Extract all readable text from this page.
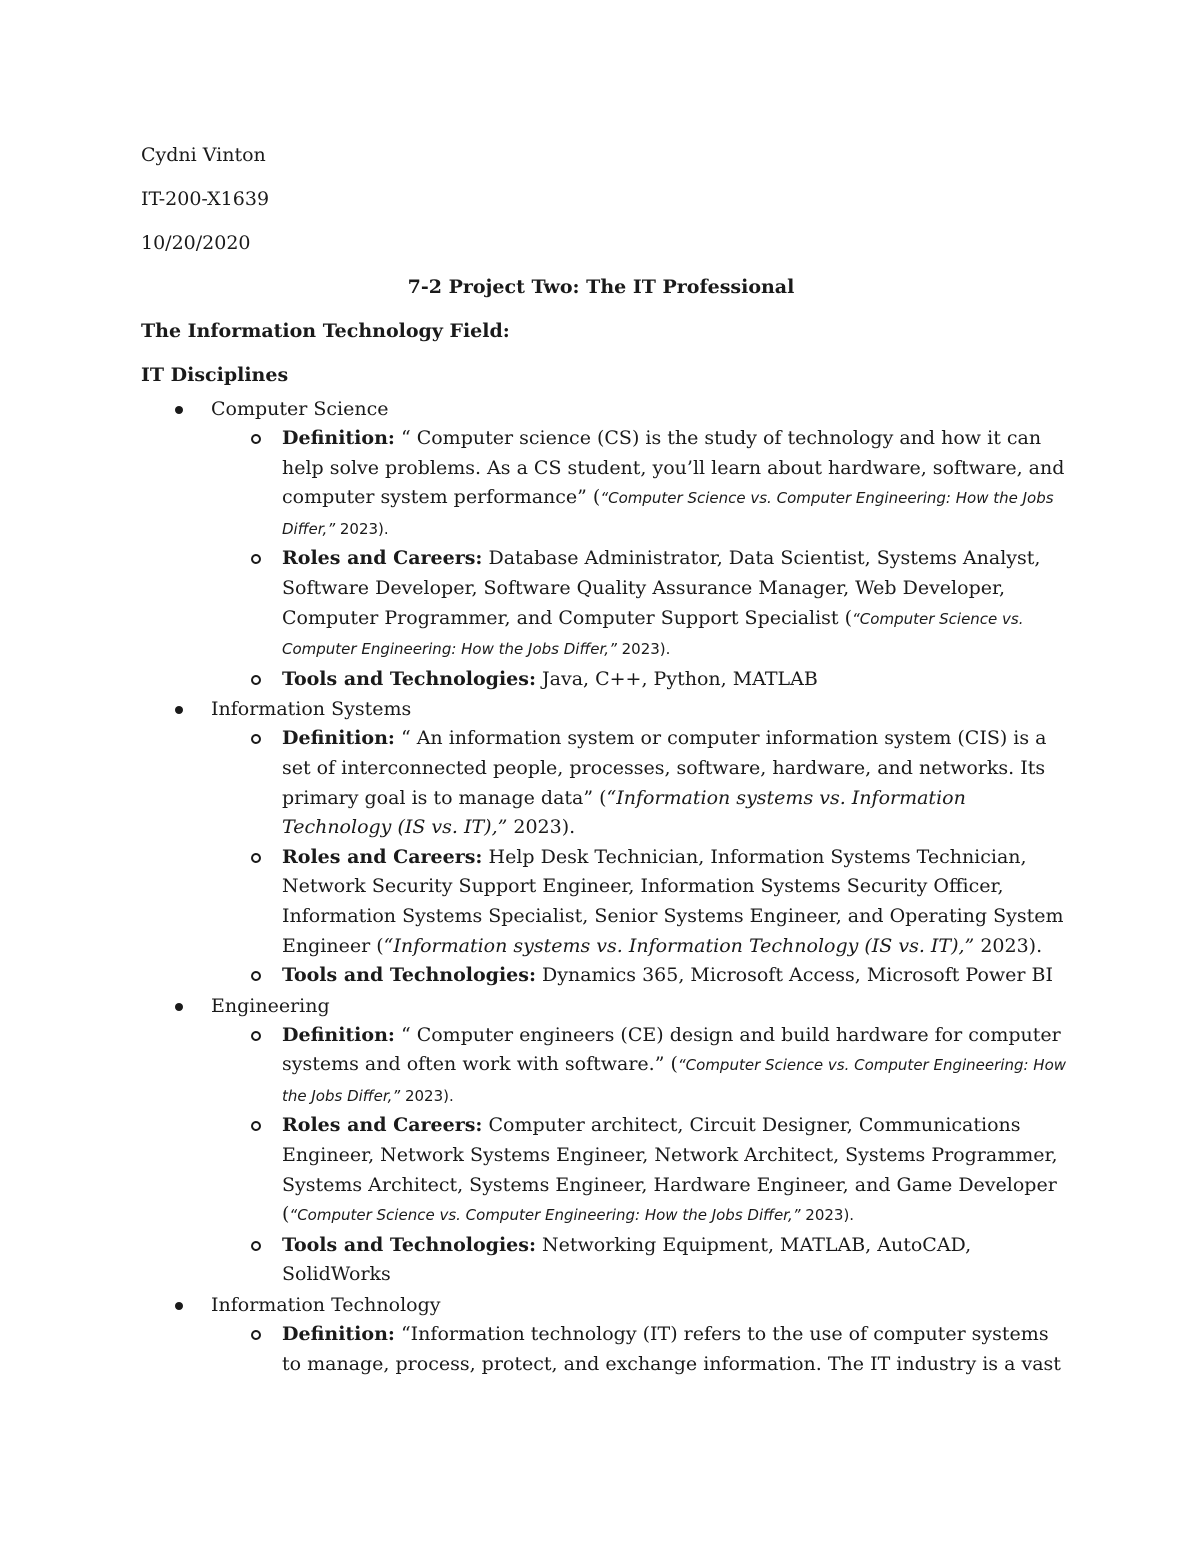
Cydni Vinton

IT-200-X1639

10/20/2020

7-2 Project Two: The IT Professional

The Information Technology Field:

IT Disciplines

Computer Science
Definition: “ Computer science (CS) is the study of technology and how it can help solve problems. As a CS student, you’ll learn about hardware, software, and computer system performance” (“Computer Science vs. Computer Engineering: How the Jobs Differ,” 2023).
Roles and Careers: Database Administrator, Data Scientist, Systems Analyst, Software Developer, Software Quality Assurance Manager, Web Developer, Computer Programmer, and Computer Support Specialist (“Computer Science vs. Computer Engineering: How the Jobs Differ,” 2023).
Tools and Technologies: Java, C++, Python, MATLAB
Information Systems
Definition: “ An information system or computer information system (CIS) is a set of interconnected people, processes, software, hardware, and networks. Its primary goal is to manage data” (“Information systems vs. Information Technology (IS vs. IT),” 2023).
Roles and Careers: Help Desk Technician, Information Systems Technician, Network Security Support Engineer, Information Systems Security Officer, Information Systems Specialist, Senior Systems Engineer, and Operating System Engineer (“Information systems vs. Information Technology (IS vs. IT),” 2023).
Tools and Technologies: Dynamics 365, Microsoft Access, Microsoft Power BI
Engineering
Definition: “ Computer engineers (CE) design and build hardware for computer systems and often work with software.” (“Computer Science vs. Computer Engineering: How the Jobs Differ,” 2023).
Roles and Careers: Computer architect, Circuit Designer, Communications Engineer, Network Systems Engineer, Network Architect, Systems Programmer, Systems Architect, Systems Engineer, Hardware Engineer, and Game Developer (“Computer Science vs. Computer Engineering: How the Jobs Differ,” 2023).
Tools and Technologies: Networking Equipment, MATLAB, AutoCAD, SolidWorks
Information Technology
Definition: “Information technology (IT) refers to the use of computer systems to manage, process, protect, and exchange information. The IT industry is a vast
